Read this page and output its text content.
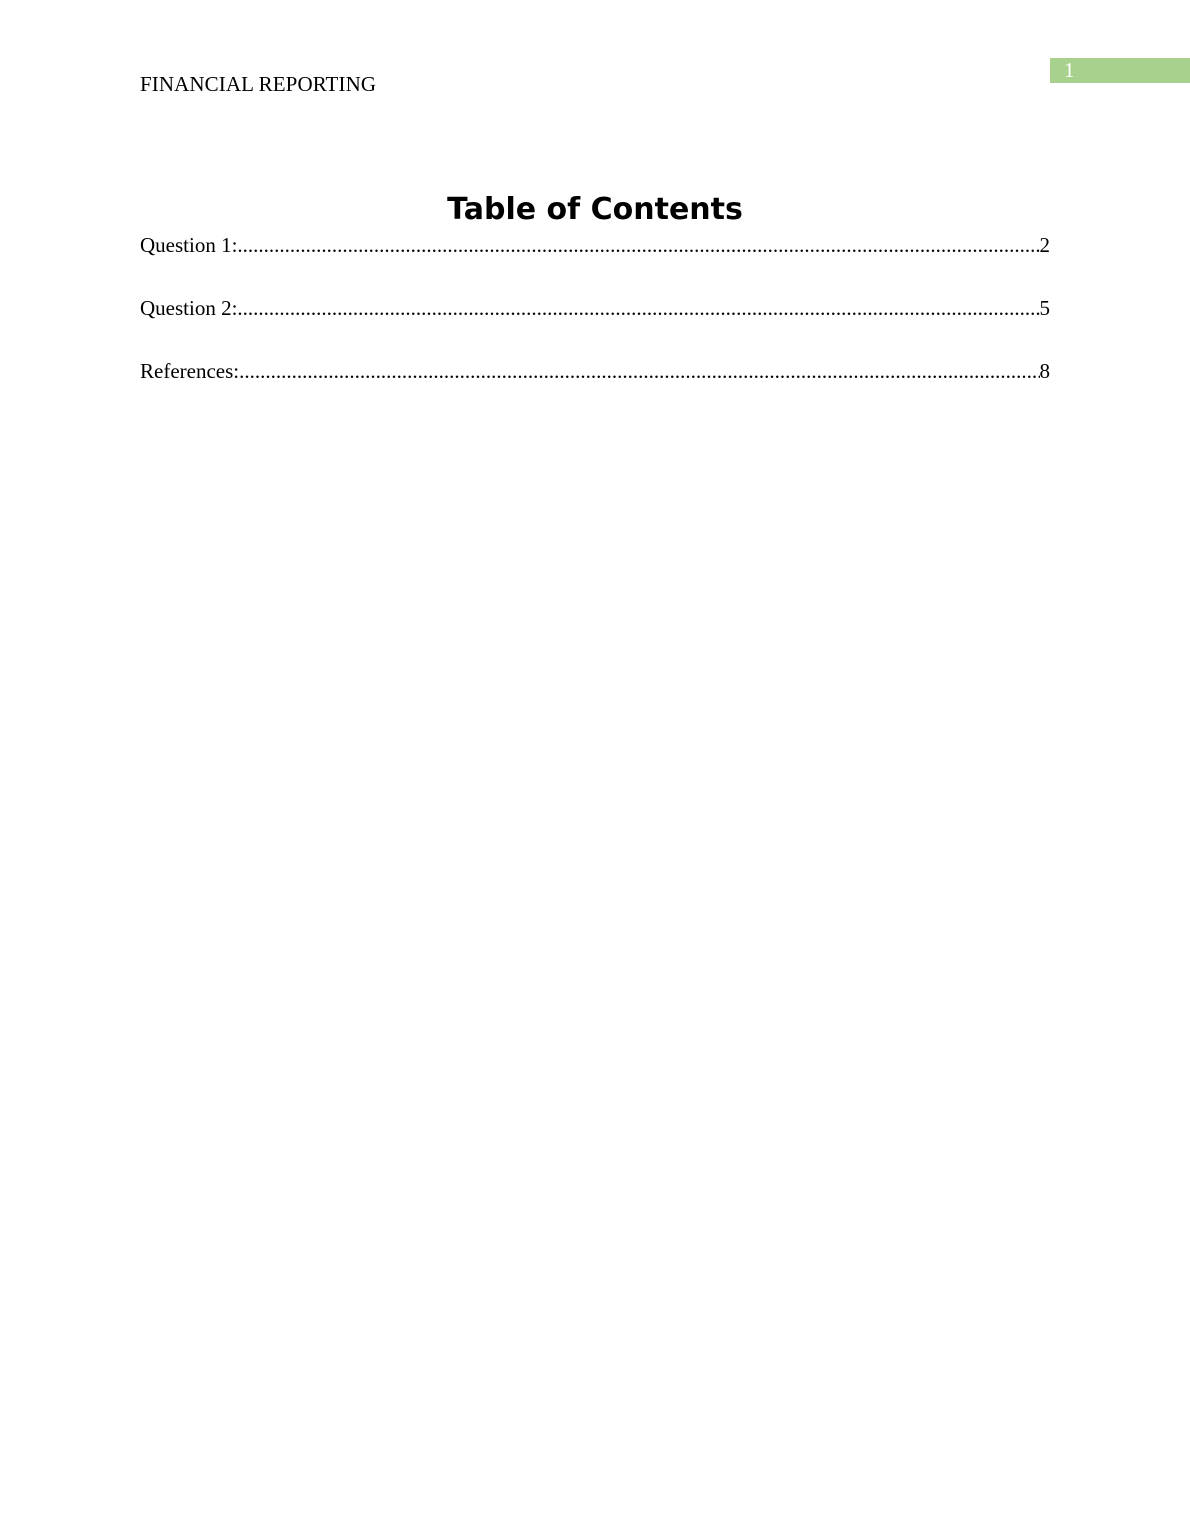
1
FINANCIAL REPORTING
Table of Contents
Question 1: .....	2
Question 2: .....	5
References: .....	8
